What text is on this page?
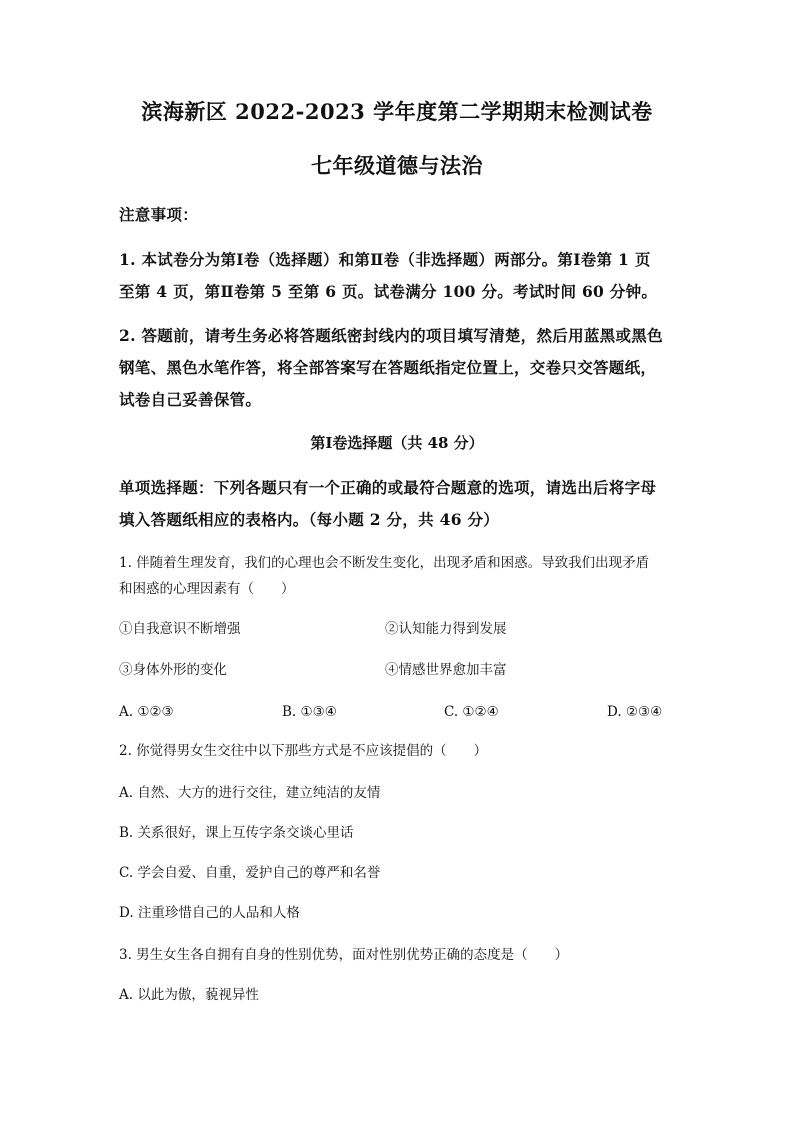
滨海新区 2022-2023 学年度第二学期期末检测试卷
七年级道德与法治

注意事项：

1. 本试卷分为第Ⅰ卷（选择题）和第Ⅱ卷（非选择题）两部分。第Ⅰ卷第 1 页

至第 4 页，第Ⅱ卷第 5 至第 6 页。试卷满分 100 分。考试时间 60 分钟。

2. 答题前，请考生务必将答题纸密封线内的项目填写清楚，然后用蓝黑或黑色

钢笔、黑色水笔作答，将全部答案写在答题纸指定位置上，交卷只交答题纸，

试卷自己妥善保管。

第Ⅰ卷选择题（共 48 分）

单项选择题：下列各题只有一个正确的或最符合题意的选项，请选出后将字母

填入答题纸相应的表格内。（每小题 2 分，共 46 分）

1. 伴随着生理发育，我们的心理也会不断发生变化，出现矛盾和困惑。导致我们出现矛盾
和困惑的心理因素有（　　）
①自我意识不断增强	②认知能力得到发展
③身体外形的变化	④情感世界愈加丰富
A. ①②③	B. ①③④	C. ①②④	D. ②③④
2. 你觉得男女生交往中以下那些方式是不应该提倡的（　　）
A. 自然、大方的进行交往，建立纯洁的友情
B. 关系很好，课上互传字条交谈心里话
C. 学会自爱、自重，爱护自己的尊严和名誉
D. 注重珍惜自己的人品和人格
3. 男生女生各自拥有自身的性别优势，面对性别优势正确的态度是（　　）
A. 以此为傲，藐视异性
